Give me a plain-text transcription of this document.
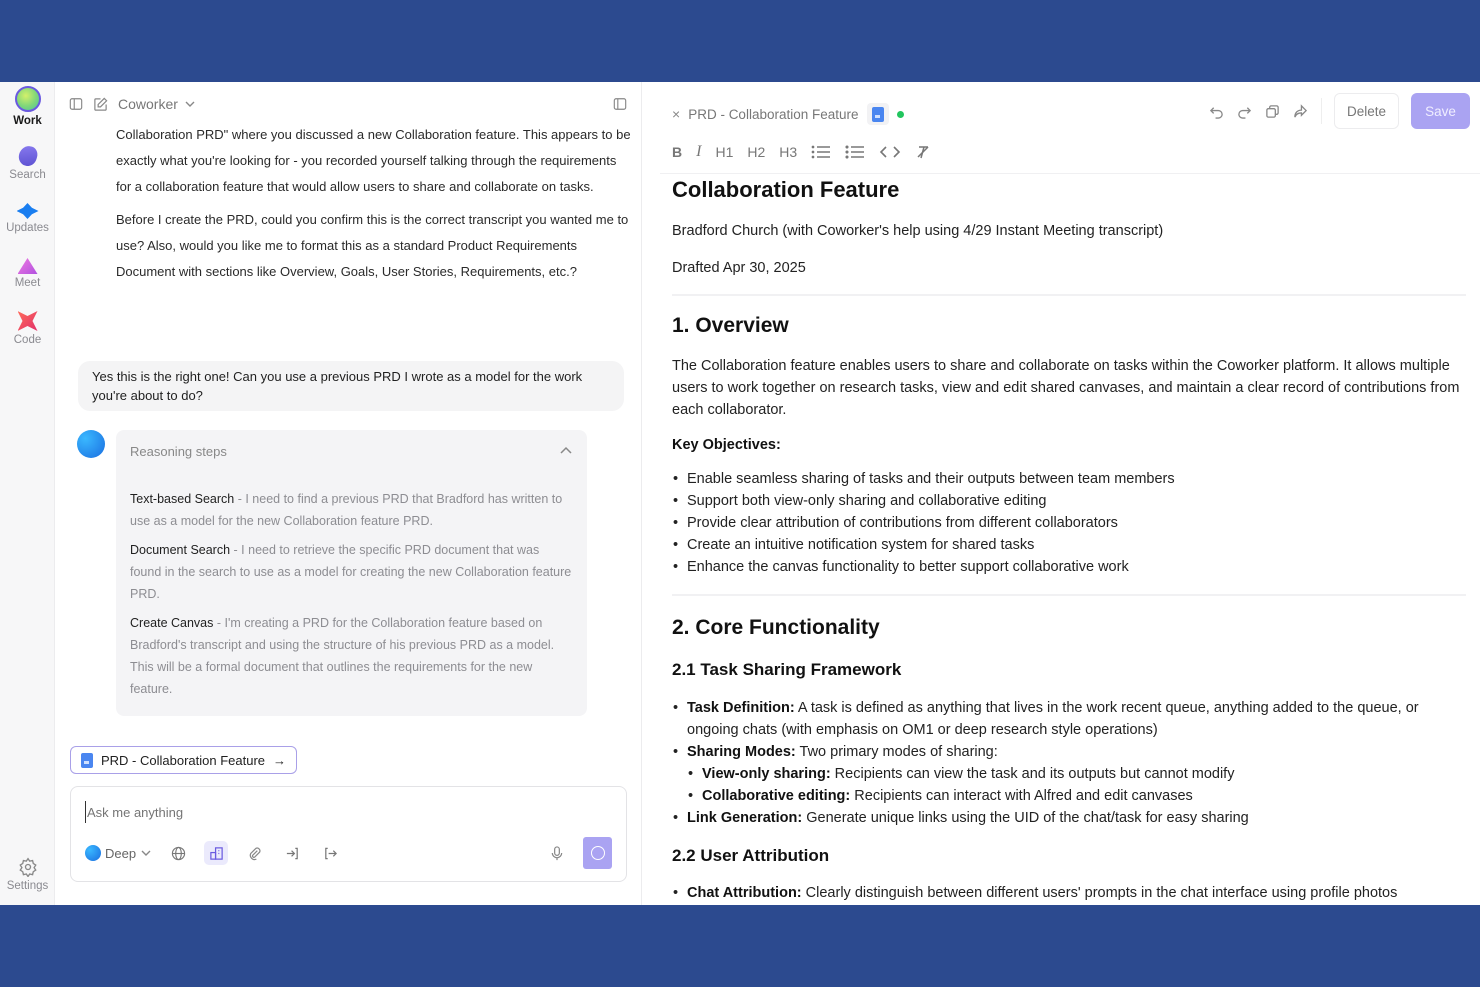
Work
Search
Updates
Meet
Code
Settings
Coworker

Collaboration PRD" where you discussed a new Collaboration feature. This appears to be exactly what you're looking for - you recorded yourself talking through the requirements for a collaboration feature that would allow users to share and collaborate on tasks.

Before I create the PRD, could you confirm this is the correct transcript you wanted me to use? Also, would you like me to format this as a standard Product Requirements Document with sections like Overview, Goals, User Stories, Requirements, etc.?

Yes this is the right one! Can you use a previous PRD I wrote as a model for the work you're about to do?
Reasoning steps
Text-based Search - I need to find a previous PRD that Bradford has written to use as a model for the new Collaboration feature PRD.
Document Search - I need to retrieve the specific PRD document that was found in the search to use as a model for creating the new Collaboration feature PRD.
Create Canvas - I'm creating a PRD for the Collaboration feature based on Bradford's transcript and using the structure of his previous PRD as a model. This will be a formal document that outlines the requirements for the new feature.
PRD - Collaboration Feature →
Ask me anything
Deep
× PRD - Collaboration Feature	Delete	Save
B I H1 H2 H3
Collaboration Feature
Bradford Church (with Coworker's help using 4/29 Instant Meeting transcript)
Drafted Apr 30, 2025
1. Overview

The Collaboration feature enables users to share and collaborate on tasks within the Coworker platform. It allows multiple users to work together on research tasks, view and edit shared canvases, and maintain a clear record of contributions from each collaborator.

Key Objectives:
• Enable seamless sharing of tasks and their outputs between team members
• Support both view-only sharing and collaborative editing
• Provide clear attribution of contributions from different collaborators
• Create an intuitive notification system for shared tasks
• Enhance the canvas functionality to better support collaborative work
2. Core Functionality
2.1 Task Sharing Framework
• Task Definition: A task is defined as anything that lives in the work recent queue, anything added to the queue, or ongoing chats (with emphasis on OM1 or deep research style operations)
• Sharing Modes: Two primary modes of sharing:
• View-only sharing: Recipients can view the task and its outputs but cannot modify
• Collaborative editing: Recipients can interact with Alfred and edit canvases
• Link Generation: Generate unique links using the UID of the chat/task for easy sharing
2.2 User Attribution
• Chat Attribution: Clearly distinguish between different users' prompts in the chat interface using profile photos
